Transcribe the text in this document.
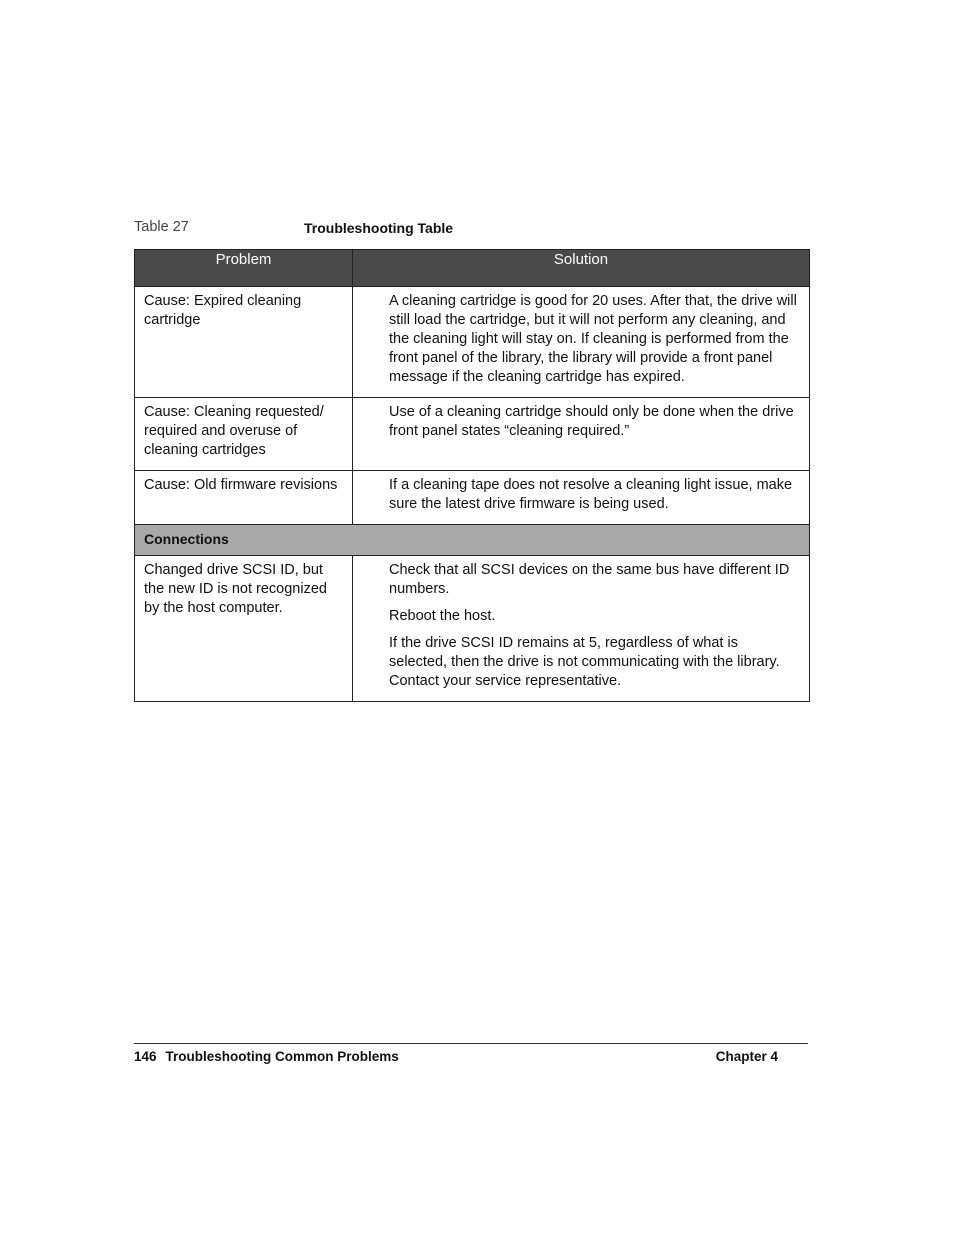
Table 27	Troubleshooting Table
Problem	Solution
Cause: Expired cleaning cartridge	A cleaning cartridge is good for 20 uses. After that, the drive will still load the cartridge, but it will not perform any cleaning, and the cleaning light will stay on. If cleaning is performed from the front panel of the library, the library will provide a front panel message if the cleaning cartridge has expired.

Cause: Cleaning requested/ required and overuse of cleaning cartridges	Use of a cleaning cartridge should only be done when the drive front panel states “cleaning required.”

Cause: Old firmware revisions	If a cleaning tape does not resolve a cleaning light issue, make sure the latest drive firmware is being used.

Connections	
Changed drive SCSI ID, but the new ID is not recognized by the host computer.	Check that all SCSI devices on the same bus have different ID numbers.

Reboot the host.

If the drive SCSI ID remains at 5, regardless of what is selected, then the drive is not communicating with the library. Contact your service representative.

146 Troubleshooting Common Problems	Chapter 4
